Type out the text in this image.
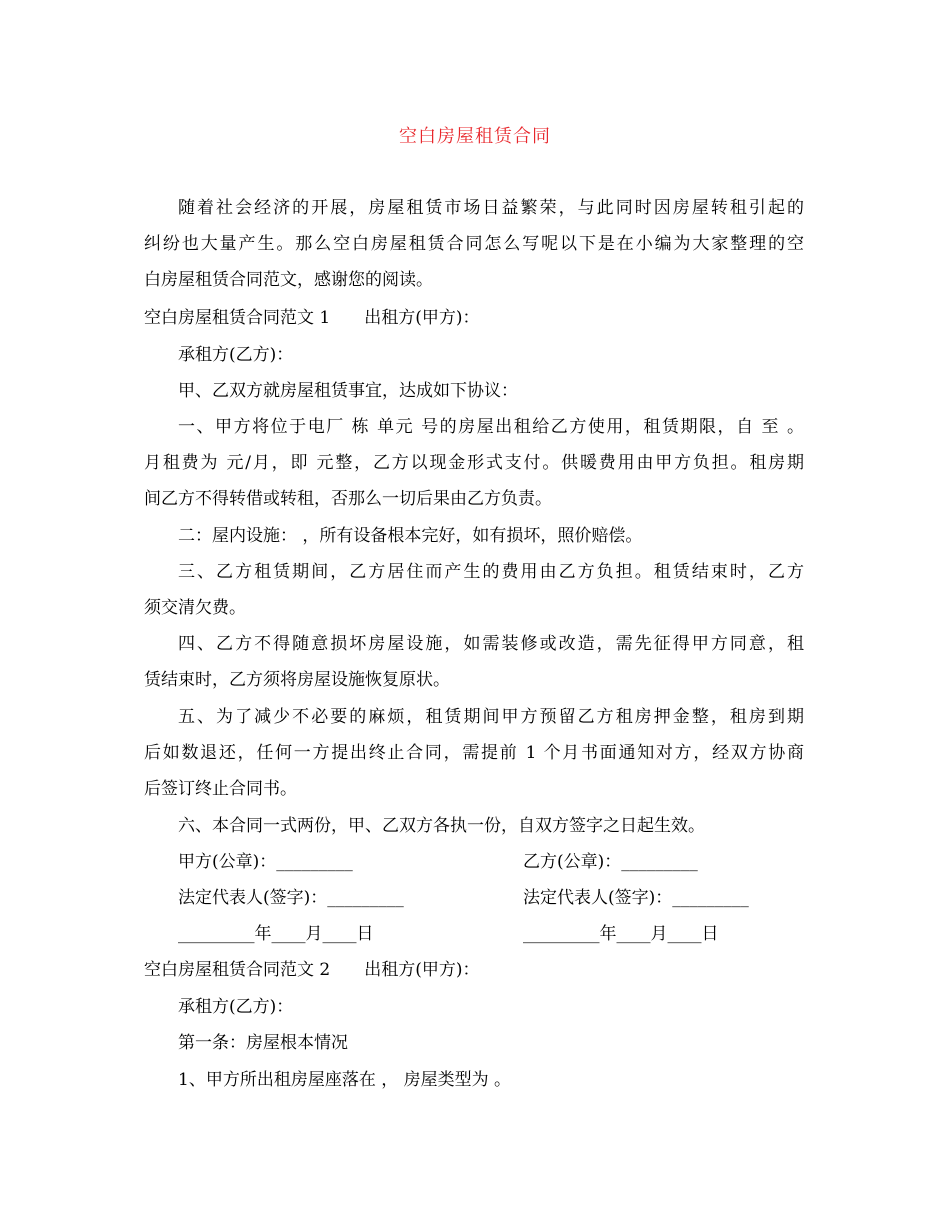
空白房屋租赁合同
随着社会经济的开展，房屋租赁市场日益繁荣，与此同时因房屋转租引起的
纠纷也大量产生。那么空白房屋租赁合同怎么写呢以下是在小编为大家整理的空
白房屋租赁合同范文，感谢您的阅读。
空白房屋租赁合同范文 1 出租方(甲方)：
承租方(乙方)：
甲、乙双方就房屋租赁事宜，达成如下协议：
一、甲方将位于电厂 栋 单元 号的房屋出租给乙方使用，租赁期限，自 至 。
月租费为 元/月，即 元整，乙方以现金形式支付。供暖费用由甲方负担。租房期
间乙方不得转借或转租，否那么一切后果由乙方负责。
二：屋内设施： ，所有设备根本完好，如有损坏，照价赔偿。
三、乙方租赁期间，乙方居住而产生的费用由乙方负担。租赁结束时，乙方
须交清欠费。
四、乙方不得随意损坏房屋设施，如需装修或改造，需先征得甲方同意，租
赁结束时，乙方须将房屋设施恢复原状。
五、为了减少不必要的麻烦，租赁期间甲方预留乙方租房押金整，租房到期
后如数退还，任何一方提出终止合同，需提前 1 个月书面通知对方，经双方协商
后签订终止合同书。
六、本合同一式两份，甲、乙双方各执一份，自双方签字之日起生效。
甲方(公章)：_________	乙方(公章)：_________
法定代表人(签字)：_________	法定代表人(签字)：_________
_________年____月____日	_________年____月____日
空白房屋租赁合同范文 2 出租方(甲方)：
承租方(乙方)：
第一条：房屋根本情况
1、甲方所出租房屋座落在 ， 房屋类型为 。
